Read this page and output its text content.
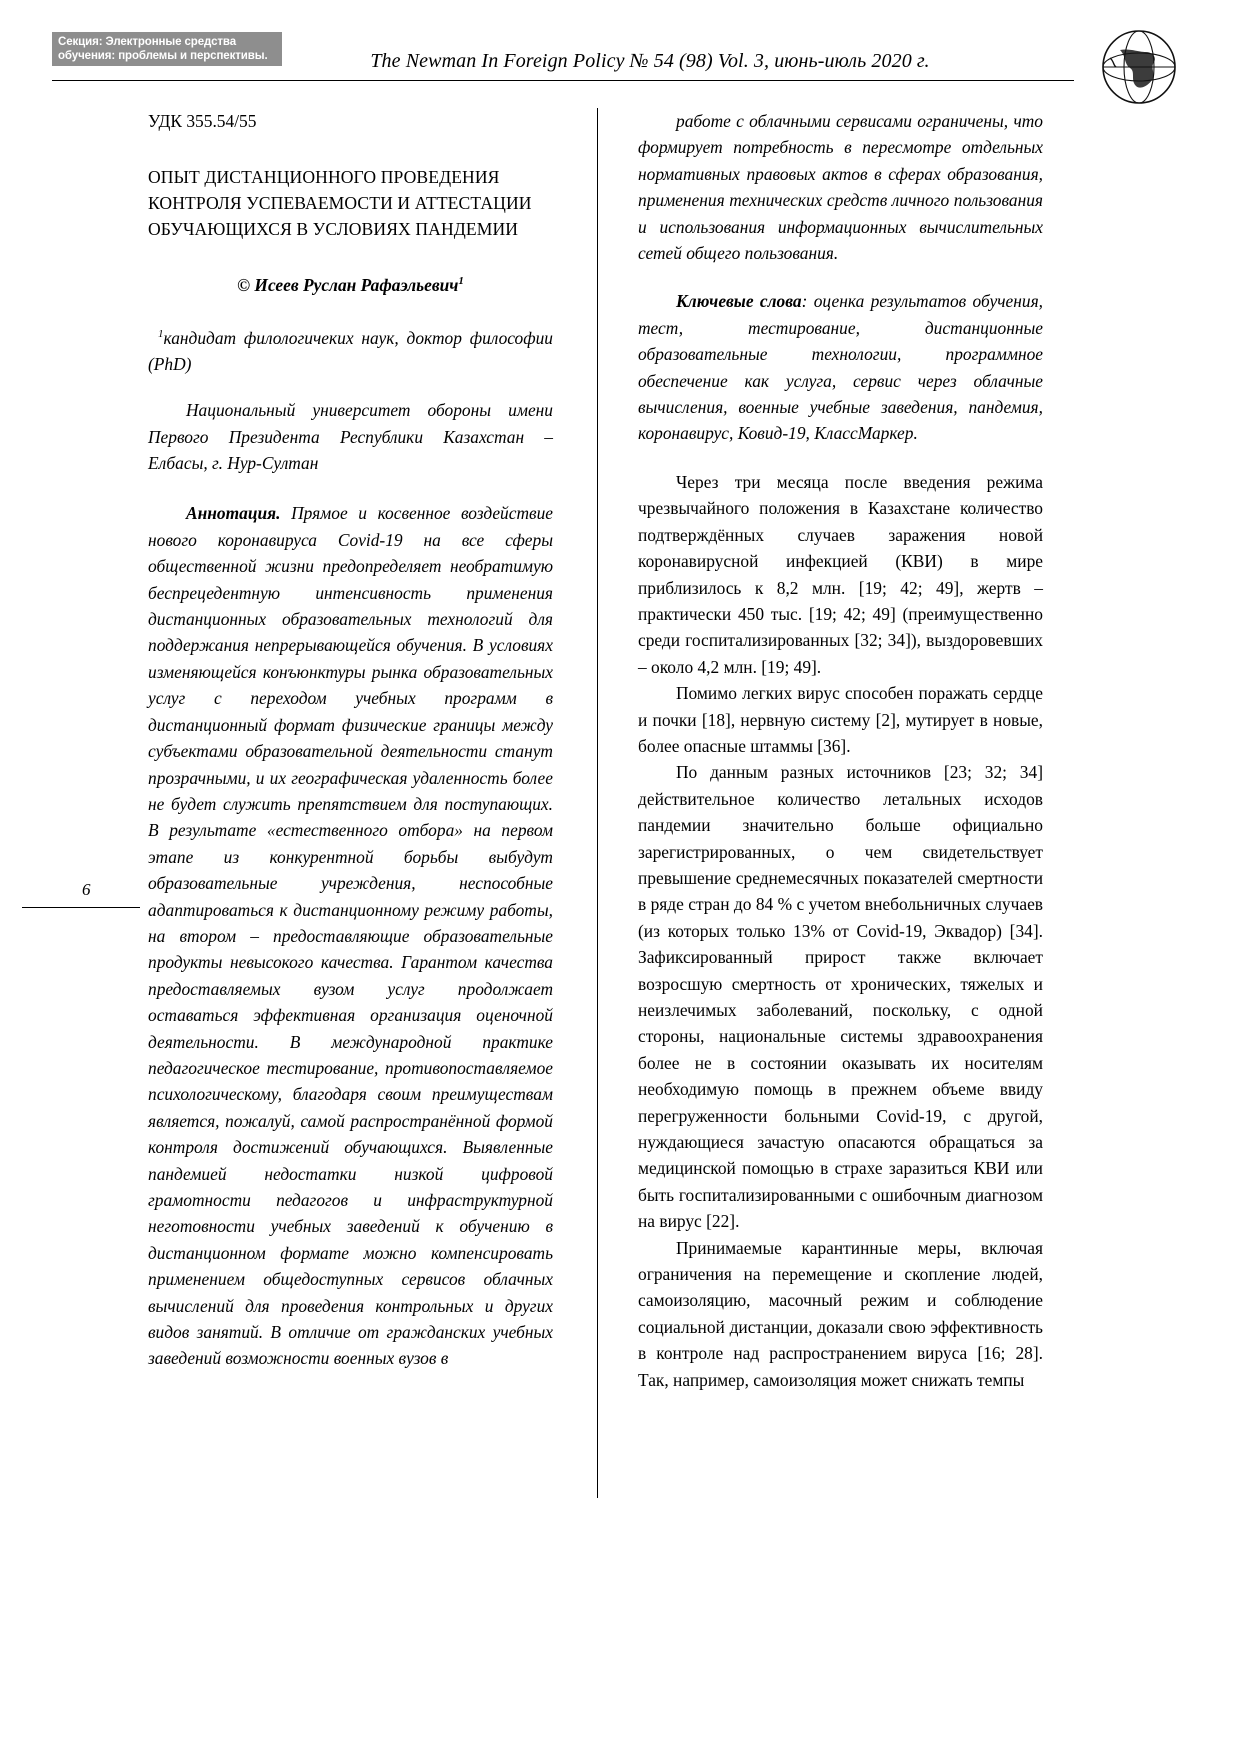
Секция: Электронные средства обучения: проблемы и перспективы.	The Newman In Foreign Policy № 54 (98) Vol. 3, июнь-июль 2020 г.
6

УДК 355.54/55

ОПЫТ ДИСТАНЦИОННОГО ПРОВЕДЕНИЯ КОНТРОЛЯ УСПЕВАЕМОСТИ И АТТЕСТАЦИИ ОБУЧАЮЩИХСЯ В УСЛОВИЯХ ПАНДЕМИИ

© Исеев Руслан Рафаэльевич$^1$

$^1$кандидат филологичеких наук, доктор философии (PhD)

Национальный университет обороны имени Первого Президента Республики Казахстан – Елбасы, г. Нур-Султан

Аннотация. Прямое и косвенное воздействие нового коронавируса Covid-19 на все сферы общественной жизни предопределяет необратимую беспрецедентную интенсивность применения дистанционных образовательных технологий для поддержания непрерывающейся обучения. В условиях изменяющейся конъюнктуры рынка образовательных услуг с переходом учебных программ в дистанционный формат физические границы между субъектами образовательной деятельности станут прозрачными, и их географическая удаленность более не будет служить препятствием для поступающих. В результате «естественного отбора» на первом этапе из конкурентной борьбы выбудут образовательные учреждения, неспособные адаптироваться к дистанционному режиму работы, на втором – предоставляющие образовательные продукты невысокого качества. Гарантом качества предоставляемых вузом услуг продолжает оставаться эффективная организация оценочной деятельности. В международной практике педагогическое тестирование, противопоставляемое психологическому, благодаря своим преимуществам является, пожалуй, самой распространённой формой контроля достижений обучающихся. Выявленные пандемией недостатки низкой цифровой грамотности педагогов и инфраструктурной неготовности учебных заведений к обучению в дистанционном формате можно компенсировать применением общедоступных сервисов облачных вычислений для проведения контрольных и других видов занятий. В отличие от гражданских учебных заведений возможности военных вузов в

работе с облачными сервисами ограничены, что формирует потребность в пересмотре отдельных нормативных правовых актов в сферах образования, применения технических средств личного пользования и использования информационных вычислительных сетей общего пользования.

Ключевые слова: оценка результатов обучения, тест, тестирование, дистанционные образовательные технологии, программное обеспечение как услуга, сервис через облачные вычисления, военные учебные заведения, пандемия, коронавирус, Ковид-19, КлассМаркер.

Через три месяца после введения режима чрезвычайного положения в Казахстане количество подтверждённых случаев заражения новой коронавирусной инфекцией (КВИ) в мире приблизилось к 8,2 млн. [19; 42; 49], жертв – практически 450 тыс. [19; 42; 49] (преимущественно среди госпитализированных [32; 34]), выздоровевших – около 4,2 млн. [19; 49].

Помимо легких вирус способен поражать сердце и почки [18], нервную систему [2], мутирует в новые, более опасные штаммы [36].

По данным разных источников [23; 32; 34] действительное количество летальных исходов пандемии значительно больше официально зарегистрированных, о чем свидетельствует превышение среднемесячных показателей смертности в ряде стран до 84 % с учетом внебольничных случаев (из которых только 13% от Covid-19, Эквадор) [34]. Зафиксированный прирост также включает возросшую смертность от хронических, тяжелых и неизлечимых заболеваний, поскольку, с одной стороны, национальные системы здравоохранения более не в состоянии оказывать их носителям необходимую помощь в прежнем объеме ввиду перегруженности больными Covid-19, с другой, нуждающиеся зачастую опасаются обращаться за медицинской помощью в страхе заразиться КВИ или быть госпитализированными с ошибочным диагнозом на вирус [22].

Принимаемые карантинные меры, включая ограничения на перемещение и скопление людей, самоизоляцию, масочный режим и соблюдение социальной дистанции, доказали свою эффективность в контроле над распространением вируса [16; 28]. Так, например, самоизоляция может снижать темпы
